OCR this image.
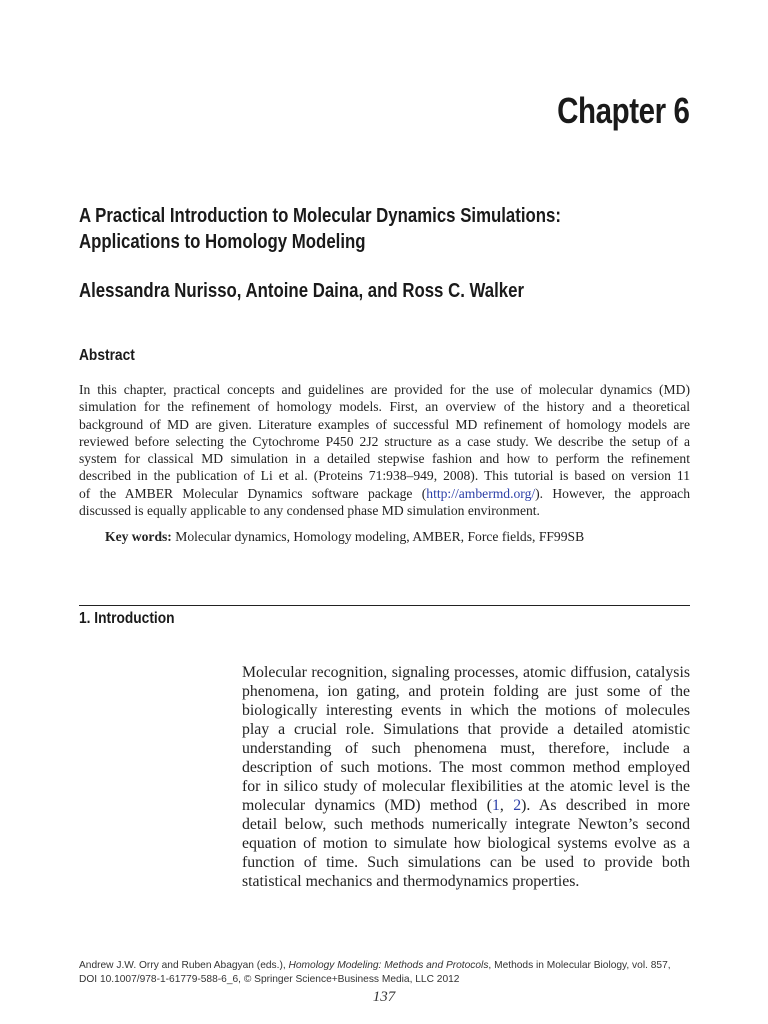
Chapter 6
A Practical Introduction to Molecular Dynamics Simulations:
Applications to Homology Modeling
Alessandra Nurisso, Antoine Daina, and Ross C. Walker
Abstract
In this chapter, practical concepts and guidelines are provided for the use of molecular dynamics (MD)
simulation for the refinement of homology models. First, an overview of the history and a theoretical
background of MD are given. Literature examples of successful MD refinement of homology models are
reviewed before selecting the Cytochrome P450 2J2 structure as a case study. We describe the setup of a
system for classical MD simulation in a detailed stepwise fashion and how to perform the refinement
described in the publication of Li et al. (Proteins 71:938–949, 2008). This tutorial is based on version 11
of the AMBER Molecular Dynamics software package (http://ambermd.org/). However, the approach
discussed is equally applicable to any condensed phase MD simulation environment.
Key words: Molecular dynamics, Homology modeling, AMBER, Force fields, FF99SB
1. Introduction
Molecular recognition, signaling processes, atomic diffusion, catalysis
phenomena, ion gating, and protein folding are just some of the
biologically interesting events in which the motions of molecules
play a crucial role. Simulations that provide a detailed atomistic
understanding of such phenomena must, therefore, include a
description of such motions. The most common method employed
for in silico study of molecular flexibilities at the atomic level is the
molecular dynamics (MD) method (1, 2). As described in more
detail below, such methods numerically integrate Newton’s second
equation of motion to simulate how biological systems evolve as a
function of time. Such simulations can be used to provide both
statistical mechanics and thermodynamics properties.
Andrew J.W. Orry and Ruben Abagyan (eds.), Homology Modeling: Methods and Protocols, Methods in Molecular Biology, vol. 857,
DOI 10.1007/978-1-61779-588-6_6, © Springer Science+Business Media, LLC 2012
137
